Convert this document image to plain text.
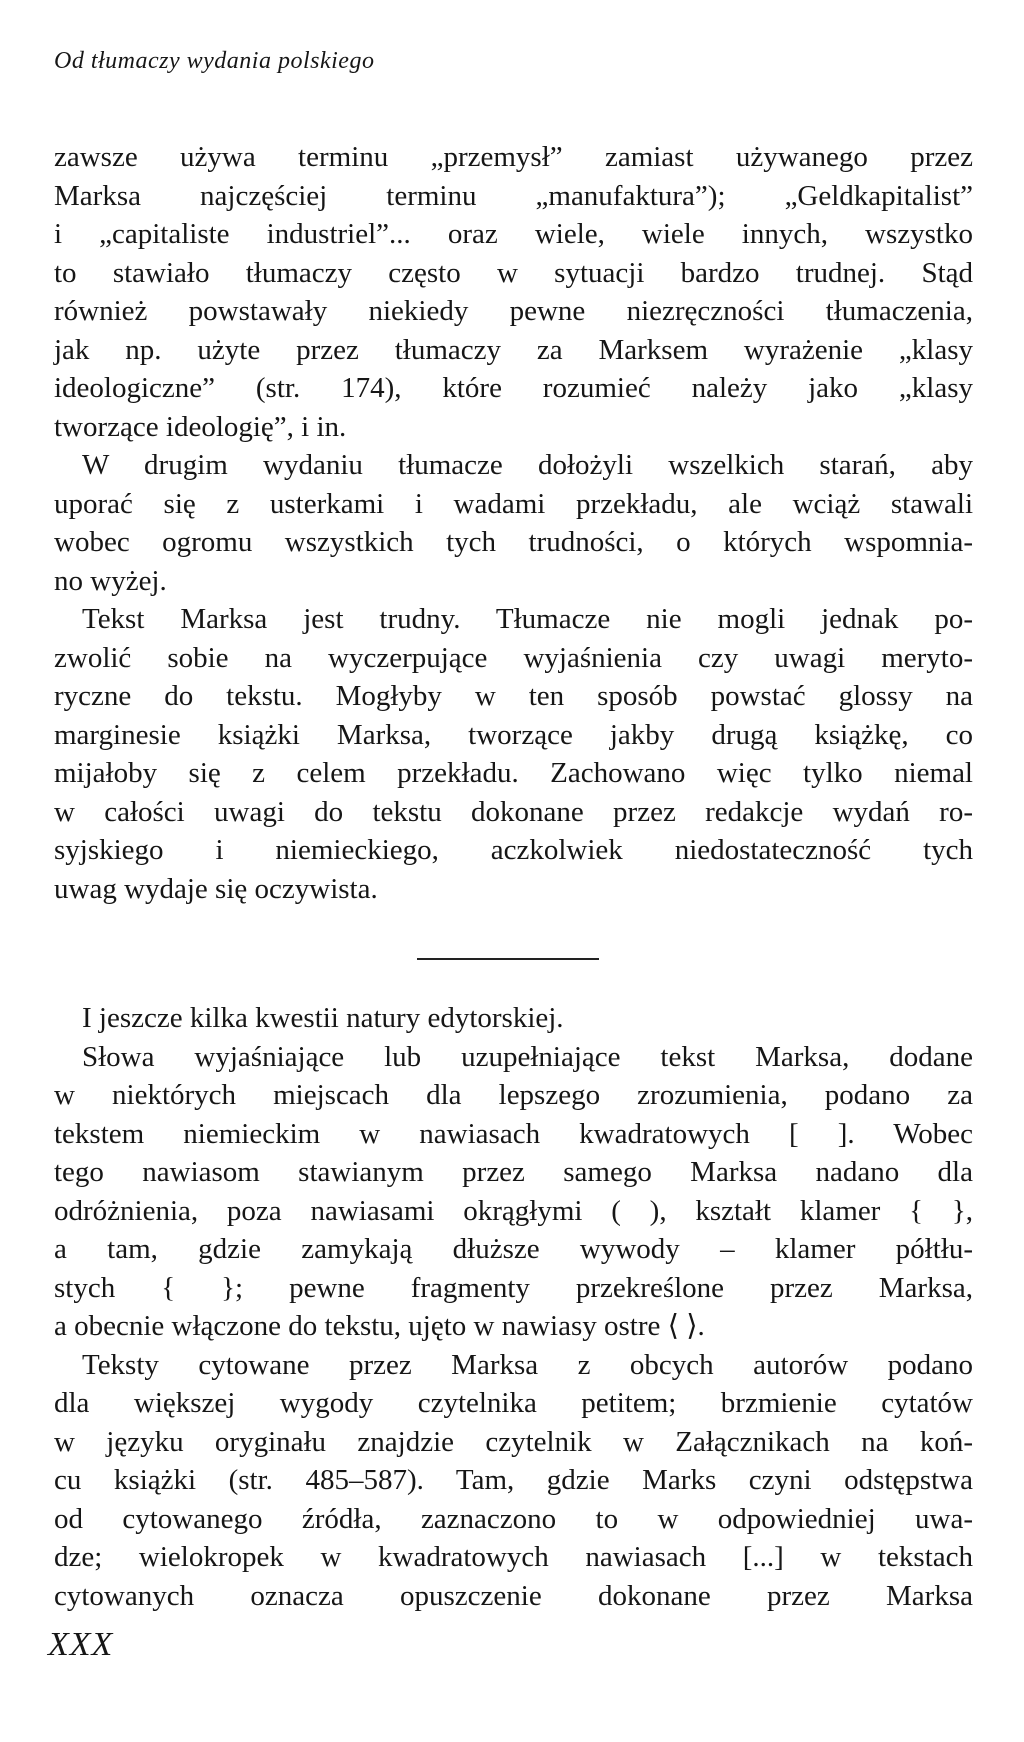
Od tłumaczy wydania polskiego
zawsze używa terminu „przemysł” zamiast używanego przez
Marksa najczęściej terminu „manufaktura”); „Geldkapitalist”
i „capitaliste industriel”... oraz wiele, wiele innych, wszystko
to stawiało tłumaczy często w sytuacji bardzo trudnej. Stąd
również powstawały niekiedy pewne niezręczności tłumaczenia,
jak np. użyte przez tłumaczy za Marksem wyrażenie „klasy
ideologiczne” (str. 174), które rozumieć należy jako „klasy
tworzące ideologię”, i in.
W drugim wydaniu tłumacze dołożyli wszelkich starań, aby
uporać się z usterkami i wadami przekładu, ale wciąż stawali
wobec ogromu wszystkich tych trudności, o których wspomnia-
no wyżej.
Tekst Marksa jest trudny. Tłumacze nie mogli jednak po-
zwolić sobie na wyczerpujące wyjaśnienia czy uwagi meryto-
ryczne do tekstu. Mogłyby w ten sposób powstać glossy na
marginesie książki Marksa, tworzące jakby drugą książkę, co
mijałoby się z celem przekładu. Zachowano więc tylko niemal
w całości uwagi do tekstu dokonane przez redakcje wydań ro-
syjskiego i niemieckiego, aczkolwiek niedostateczność tych
uwag wydaje się oczywista.
I jeszcze kilka kwestii natury edytorskiej.
Słowa wyjaśniające lub uzupełniające tekst Marksa, dodane
w niektórych miejscach dla lepszego zrozumienia, podano za
tekstem niemieckim w nawiasach kwadratowych [ ]. Wobec
tego nawiasom stawianym przez samego Marksa nadano dla
odróżnienia, poza nawiasami okrągłymi ( ), kształt klamer { },
a tam, gdzie zamykają dłuższe wywody – klamer półtłu-
stych { }; pewne fragmenty przekreślone przez Marksa,
a obecnie włączone do tekstu, ujęto w nawiasy ostre ⟨ ⟩.
Teksty cytowane przez Marksa z obcych autorów podano
dla większej wygody czytelnika petitem; brzmienie cytatów
w języku oryginału znajdzie czytelnik w Załącznikach na koń-
cu książki (str. 485–587). Tam, gdzie Marks czyni odstępstwa
od cytowanego źródła, zaznaczono to w odpowiedniej uwa-
dze; wielokropek w kwadratowych nawiasach [...] w tekstach
cytowanych oznacza opuszczenie dokonane przez Marksa
XXX
